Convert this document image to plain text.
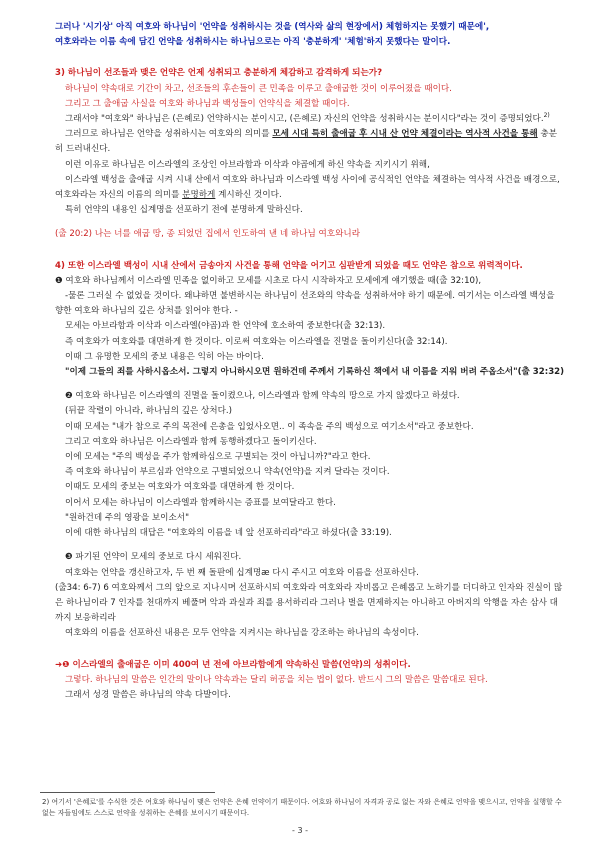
그러나 '시기상' 아직 여호와 하나님이 '언약을 성취하시는 것을 (역사와 삶의 현장에서) 체험하지는 못했기 때문에',

여호와라는 이름 속에 담긴 언약을 성취하시는 하나님으로는 아직 '충분하게' '체험'하지 못했다는 말이다.

3) 하나님이 선조들과 맺은 언약은 언제 성취되고 충분하게 체감하고 감격하게 되는가?

하나님이 약속대로 기간이 차고, 선조들의 후손들이 큰 민족을 이루고 출애굽한 것이 이루어졌을 때이다.

그리고 그 출애굽 사실을 여호와 하나님과 백성들이 언약식을 체결할 때이다.

그래서야 "여호와" 하나님은 (은혜로) 언약하시는 분이시고, (은혜로) 자신의 언약을 성취하시는 분이시다"라는 것이 증명되었다.$^{2)}$

그러므로 하나님은 언약을 성취하시는 여호와의 의미를 모세 시대 특히 출애굽 후 시내 산 언약 체결이라는 역사적 사건을 통해 충분히 드러내신다.

이런 이유로 하나님은 이스라엘의 조상인 아브라함과 이삭과 야곱에게 하신 약속을 지키시기 위해,

이스라엘 백성을 출애굽 시켜 시내 산에서 여호와 하나님과 이스라엘 백성 사이에 공식적인 언약을 체결하는 역사적 사건을 배경으로, 여호와라는 자신의 이름의 의미를 분명하게 계시하신 것이다.

특히 언약의 내용인 십계명을 선포하기 전에 분명하게 말하신다.

(출 20:2) 나는 너를 애굽 땅, 종 되었던 집에서 인도하여 낸 네 하나님 여호와니라

4) 또한 이스라엘 백성이 시내 산에서 금송아지 사건을 통해 언약을 어기고 심판받게 되었을 때도 언약은 참으로 위력적이다.

❶ 여호와 하나님께서 이스라엘 민족을 없이하고 모세를 시초로 다시 시작하자고 모세에게 얘기했을 때(출 32:10),

-물론 그러실 수 없었을 것이다. 왜냐하면 불변하시는 하나님이 선조와의 약속을 성취하셔야 하기 때문에. 여기서는 이스라엘 백성을 향한 여호와 하나님의 깊은 상처를 읽어야 한다. -

모세는 아브라함과 이삭과 이스라엘(야곱)과 한 언약에 호소하여 중보한다(출 32:13).

즉 여호와가 여호와를 대면하게 한 것이다. 이로써 여호와는 이스라엘을 진멸을 돌이키신다(출 32:14).

이때 그 유명한 모세의 중보 내용은 익히 아는 바이다.

"이제 그들의 죄를 사하시옵소서. 그렇지 아니하시오면 원하건데 주께서 기록하신 책에서 내 이름을 지워 버려 주옵소서"(출 32:32)

❷ 여호와 하나님은 이스라엘의 진멸을 돌이켰으나, 이스라엘과 함께 약속의 땅으로 가지 않겠다고 하셨다.

(뒤끝 작렬이 아니라, 하나님의 깊은 상처다.)

이때 모세는 "내가 참으로 주의 목전에 은총을 입었사오면.. 이 족속을 주의 백성으로 여기소서"라고 중보한다.

그리고 여호와 하나님은 이스라엘과 함께 동행하겠다고 돌이키신다.

이에 모세는 "주의 백성을 주가 함께하심으로 구별되는 것이 아닙니까?"라고 한다.

즉 여호와 하나님이 부르심과 언약으로 구별되었으니 약속(언약)을 지켜 달라는 것이다.

이때도 모세의 중보는 여호와가 여호와를 대면하게 한 것이다.

이어서 모세는 하나님이 이스라엘과 함께하시는 증표를 보여달라고 한다.

"원하건데 주의 영광을 보이소서"

이에 대한 하나님의 대답은 "여호와의 이름을 네 앞 선포하리라"라고 하셨다(출 33:19).

❸ 파기된 언약이 모세의 중보로 다시 세워진다.

여호와는 언약을 갱신하고자, 두 번 째 돌판에 십계명æ 다시 주시고 여호와 이름을 선포하신다.

(출34: 6-7) 6 여호와께서 그의 앞으로 지나시며 선포하시되 여호와라 여호와라 자비롭고 은혜롭고 노하기를 더디하고 인자와 진실이 많은 하나님이라 7 인자를 천대까지 베풀며 악과 과실과 죄를 용서하리라 그러나 벌을 면제하지는 아니하고 아버지의 악행을 자손 삼사 대까지 보응하리라

여호와의 이름을 선포하신 내용은 모두 언약을 지켜시는 하나님을 강조하는 하나님의 속성이다.

➜❶ 이스라엘의 출애굽은 이미 400여 년 전에 아브라함에게 약속하신 말씀(언약)의 성취이다.

그렇다. 하나님의 말씀은 인간의 말이나 약속과는 달리 허공을 치는 법이 없다. 반드시 그의 말씀은 말씀대로 된다.

그래서 성경 말씀은 하나님의 약속 다발이다.

2) 여기서 '은혜로'를 수식한 것은 여호와 하나님이 맺은 언약은 은혜 언약이기 때문이다. 여호와 하나님이 자격과 공로 없는 자와 은혜로 언약을 맺으시고, 언약을 실행할 수 없는 자들임에도 스스로 언약을 성취하는 은혜를 보이시기 때문이다.

- 3 -
